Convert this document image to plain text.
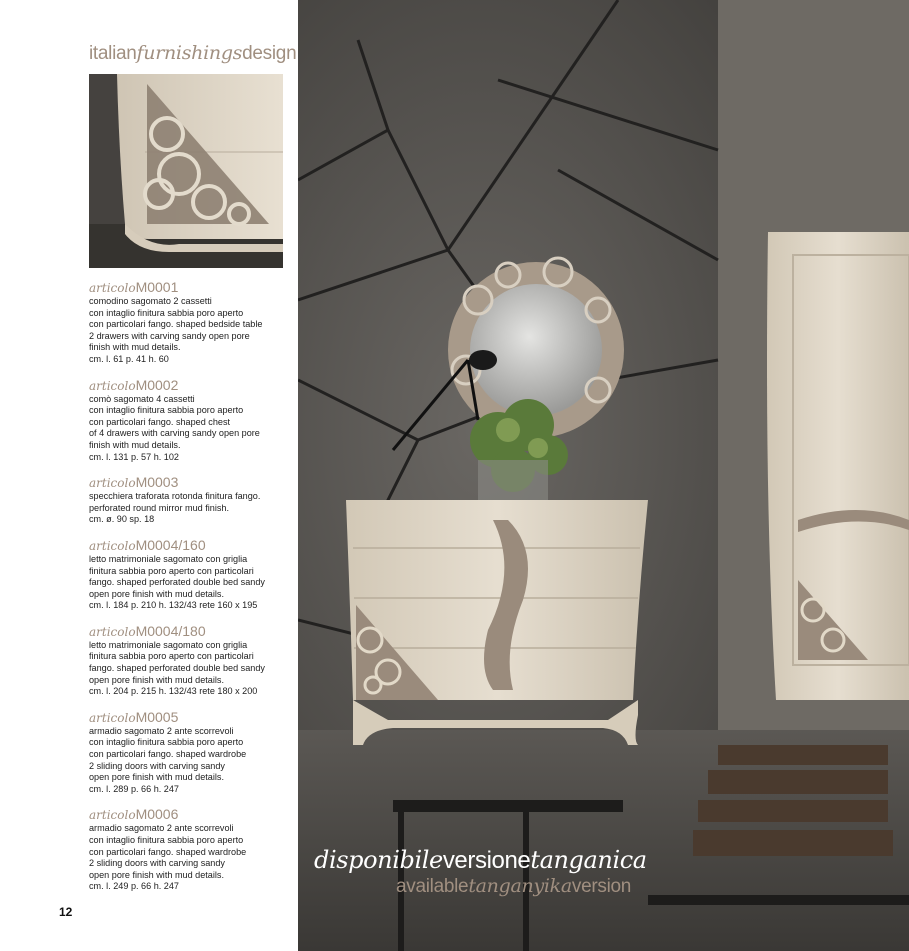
italianfurnishingsdesign
articoloM0001
comodino sagomato 2 cassetti
con intaglio finitura sabbia poro aperto
con particolari fango. shaped bedside table
2 drawers with carving sandy open pore
finish with mud details.
cm. l. 61 p. 41 h. 60
articoloM0002
comò sagomato 4 cassetti
con intaglio finitura sabbia poro aperto
con particolari fango. shaped chest
of 4 drawers with carving sandy open pore
finish with mud details.
cm. l. 131 p. 57 h. 102
articoloM0003
specchiera traforata rotonda finitura fango.
perforated round mirror mud finish.
cm. ø. 90 sp. 18
articoloM0004/160
letto matrimoniale sagomato con griglia
finitura sabbia poro aperto con particolari
fango. shaped perforated double bed sandy
open pore finish with mud details.
cm. l. 184 p. 210 h. 132/43 rete 160 x 195
articoloM0004/180
letto matrimoniale sagomato con griglia
finitura sabbia poro aperto con particolari
fango. shaped perforated double bed sandy
open pore finish with mud details.
cm. l. 204 p. 215 h. 132/43 rete 180 x 200
articoloM0005
armadio sagomato 2 ante scorrevoli
con intaglio finitura sabbia poro aperto
con particolari fango. shaped wardrobe
2 sliding doors with carving sandy
open pore finish with mud details.
cm. l. 289 p. 66 h. 247
articoloM0006
armadio sagomato 2 ante scorrevoli
con intaglio finitura sabbia poro aperto
con particolari fango. shaped wardrobe
2 sliding doors with carving sandy
open pore finish with mud details.
cm. l. 249 p. 66 h. 247
12
disponibileversionetanganica
availabletanganyikaversion
